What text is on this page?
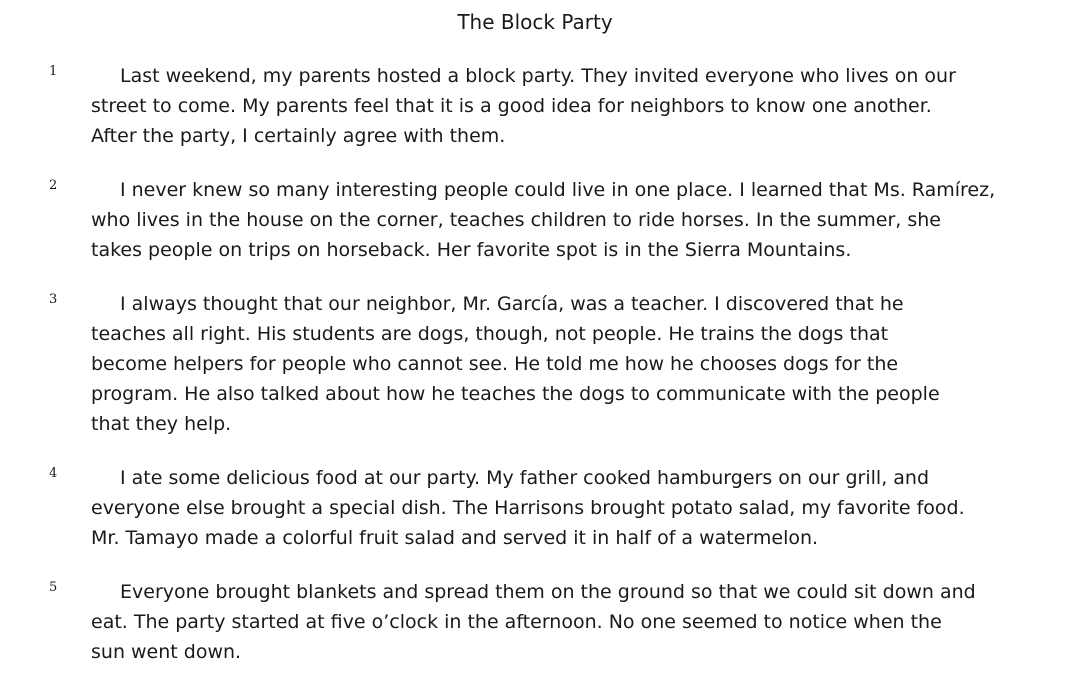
The Block Party
1	Last weekend, my parents hosted a block party. They invited everyone who lives on our
street to come. My parents feel that it is a good idea for neighbors to know one another.
After the party, I certainly agree with them.
2	I never knew so many interesting people could live in one place. I learned that Ms. Ramírez,
who lives in the house on the corner, teaches children to ride horses. In the summer, she
takes people on trips on horseback. Her favorite spot is in the Sierra Mountains.
3	I always thought that our neighbor, Mr. García, was a teacher. I discovered that he
teaches all right. His students are dogs, though, not people. He trains the dogs that
become helpers for people who cannot see. He told me how he chooses dogs for the
program. He also talked about how he teaches the dogs to communicate with the people
that they help.
4	I ate some delicious food at our party. My father cooked hamburgers on our grill, and
everyone else brought a special dish. The Harrisons brought potato salad, my favorite food.
Mr. Tamayo made a colorful fruit salad and served it in half of a watermelon.
5	Everyone brought blankets and spread them on the ground so that we could sit down and
eat. The party started at five o’clock in the afternoon. No one seemed to notice when the
sun went down.
